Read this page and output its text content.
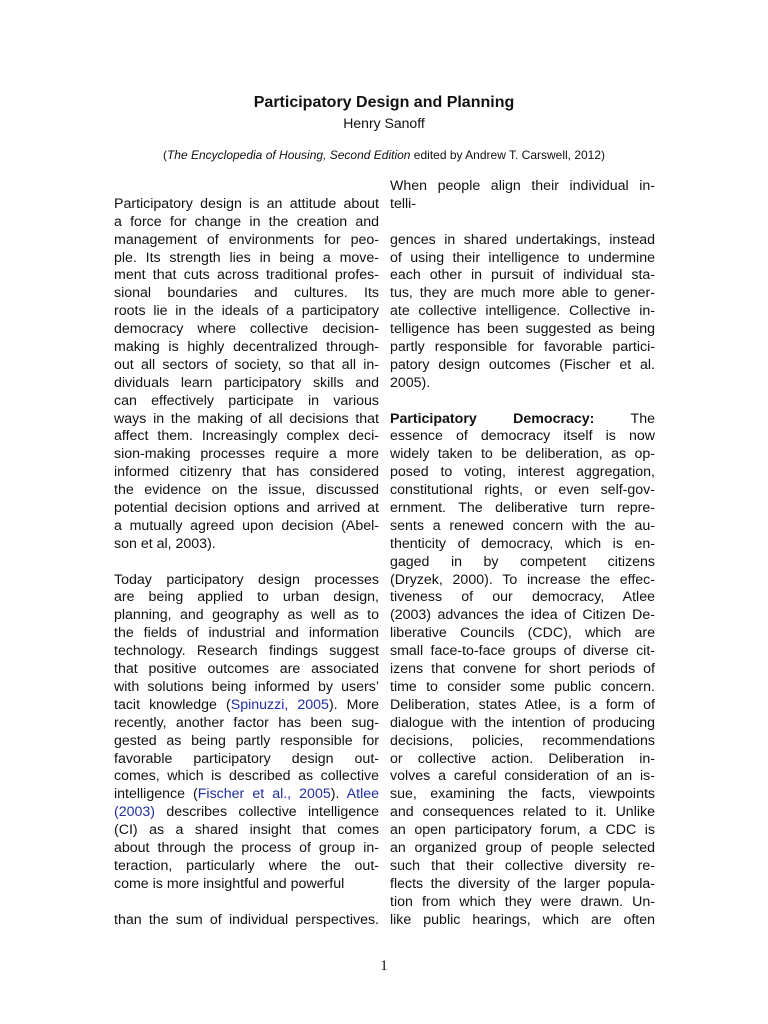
Participatory Design and Planning
Henry Sanoff
(The Encyclopedia of Housing, Second Edition edited by Andrew T. Carswell, 2012)
Participatory design is an attitude about
a force for change in the creation and
management of environments for peo-
ple. Its strength lies in being a move-
ment that cuts across traditional profes-
sional boundaries and cultures. Its
roots lie in the ideals of a participatory
democracy where collective decision-
making is highly decentralized through-
out all sectors of society, so that all in-
dividuals learn participatory skills and
can effectively participate in various
ways in the making of all decisions that
affect them. Increasingly complex deci-
sion-making processes require a more
informed citizenry that has considered
the evidence on the issue, discussed
potential decision options and arrived at
a mutually agreed upon decision (Abel-
son et al, 2003).
Today participatory design processes
are being applied to urban design,
planning, and geography as well as to
the fields of industrial and information
technology. Research findings suggest
that positive outcomes are associated
with solutions being informed by users’
tacit knowledge (Spinuzzi, 2005). More
recently, another factor has been sug-
gested as being partly responsible for
favorable participatory design out-
comes, which is described as collective
intelligence (Fischer et al., 2005). Atlee
(2003) describes collective intelligence
(CI) as a shared insight that comes
about through the process of group in-
teraction, particularly where the out-
come is more insightful and powerful
than the sum of individual perspectives.
When people align their individual in-
telli-
gences in shared undertakings, instead
of using their intelligence to undermine
each other in pursuit of individual sta-
tus, they are much more able to gener-
ate collective intelligence. Collective in-
telligence has been suggested as being
partly responsible for favorable partici-
patory design outcomes (Fischer et al.
2005).
Participatory Democracy: The
essence of democracy itself is now
widely taken to be deliberation, as op-
posed to voting, interest aggregation,
constitutional rights, or even self-gov-
ernment. The deliberative turn repre-
sents a renewed concern with the au-
thenticity of democracy, which is en-
gaged in by competent citizens
(Dryzek, 2000). To increase the effec-
tiveness of our democracy, Atlee
(2003) advances the idea of Citizen De-
liberative Councils (CDC), which are
small face-to-face groups of diverse cit-
izens that convene for short periods of
time to consider some public concern.
Deliberation, states Atlee, is a form of
dialogue with the intention of producing
decisions, policies, recommendations
or collective action. Deliberation in-
volves a careful consideration of an is-
sue, examining the facts, viewpoints
and consequences related to it. Unlike
an open participatory forum, a CDC is
an organized group of people selected
such that their collective diversity re-
flects the diversity of the larger popula-
tion from which they were drawn. Un-
like public hearings, which are often
1
